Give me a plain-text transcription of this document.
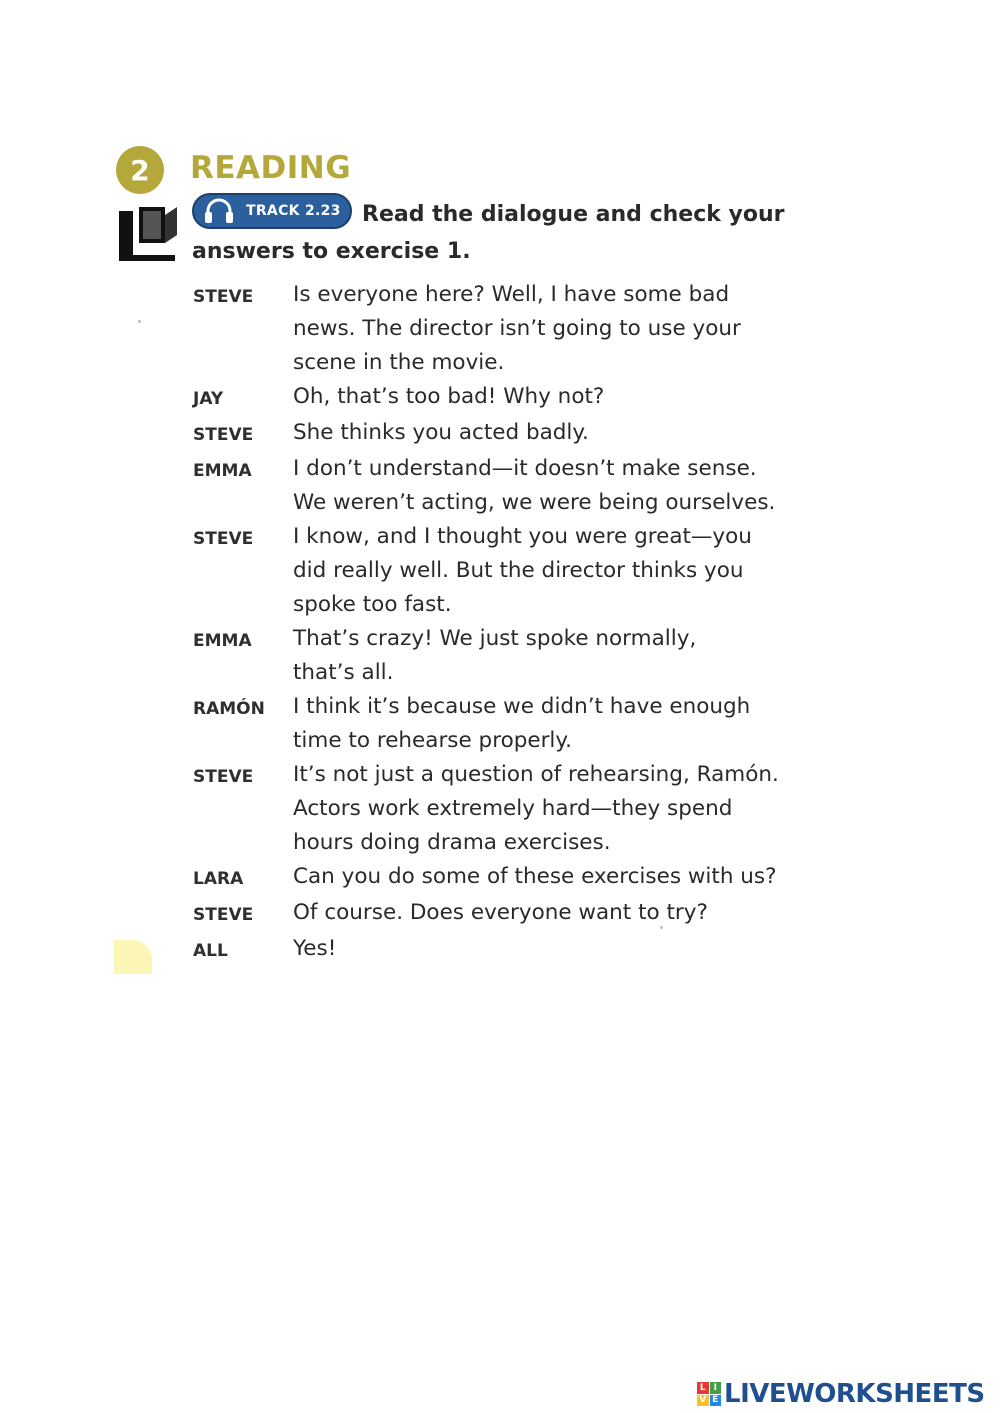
2	READING
Read the dialogue and check your answers to exercise 1.
TRACK 2.23
STEVE	Is everyone here? Well, I have some bad
news. The director isn’t going to use your
scene in the movie.
JAY	Oh, that’s too bad! Why not?
STEVE	She thinks you acted badly.
EMMA	I don’t understand—it doesn’t make sense.
We weren’t acting, we were being ourselves.
STEVE	I know, and I thought you were great—you
did really well. But the director thinks you
spoke too fast.
EMMA	That’s crazy! We just spoke normally,
that’s all.
RAMÓN	I think it’s because we didn’t have enough
time to rehearse properly.
STEVE	It’s not just a question of rehearsing, Ramón.
Actors work extremely hard—they spend
hours doing drama exercises.
LARA	Can you do some of these exercises with us?
STEVE	Of course. Does everyone want to try?
ALL	Yes!
L I
V E LIVEWORKSHEETS
